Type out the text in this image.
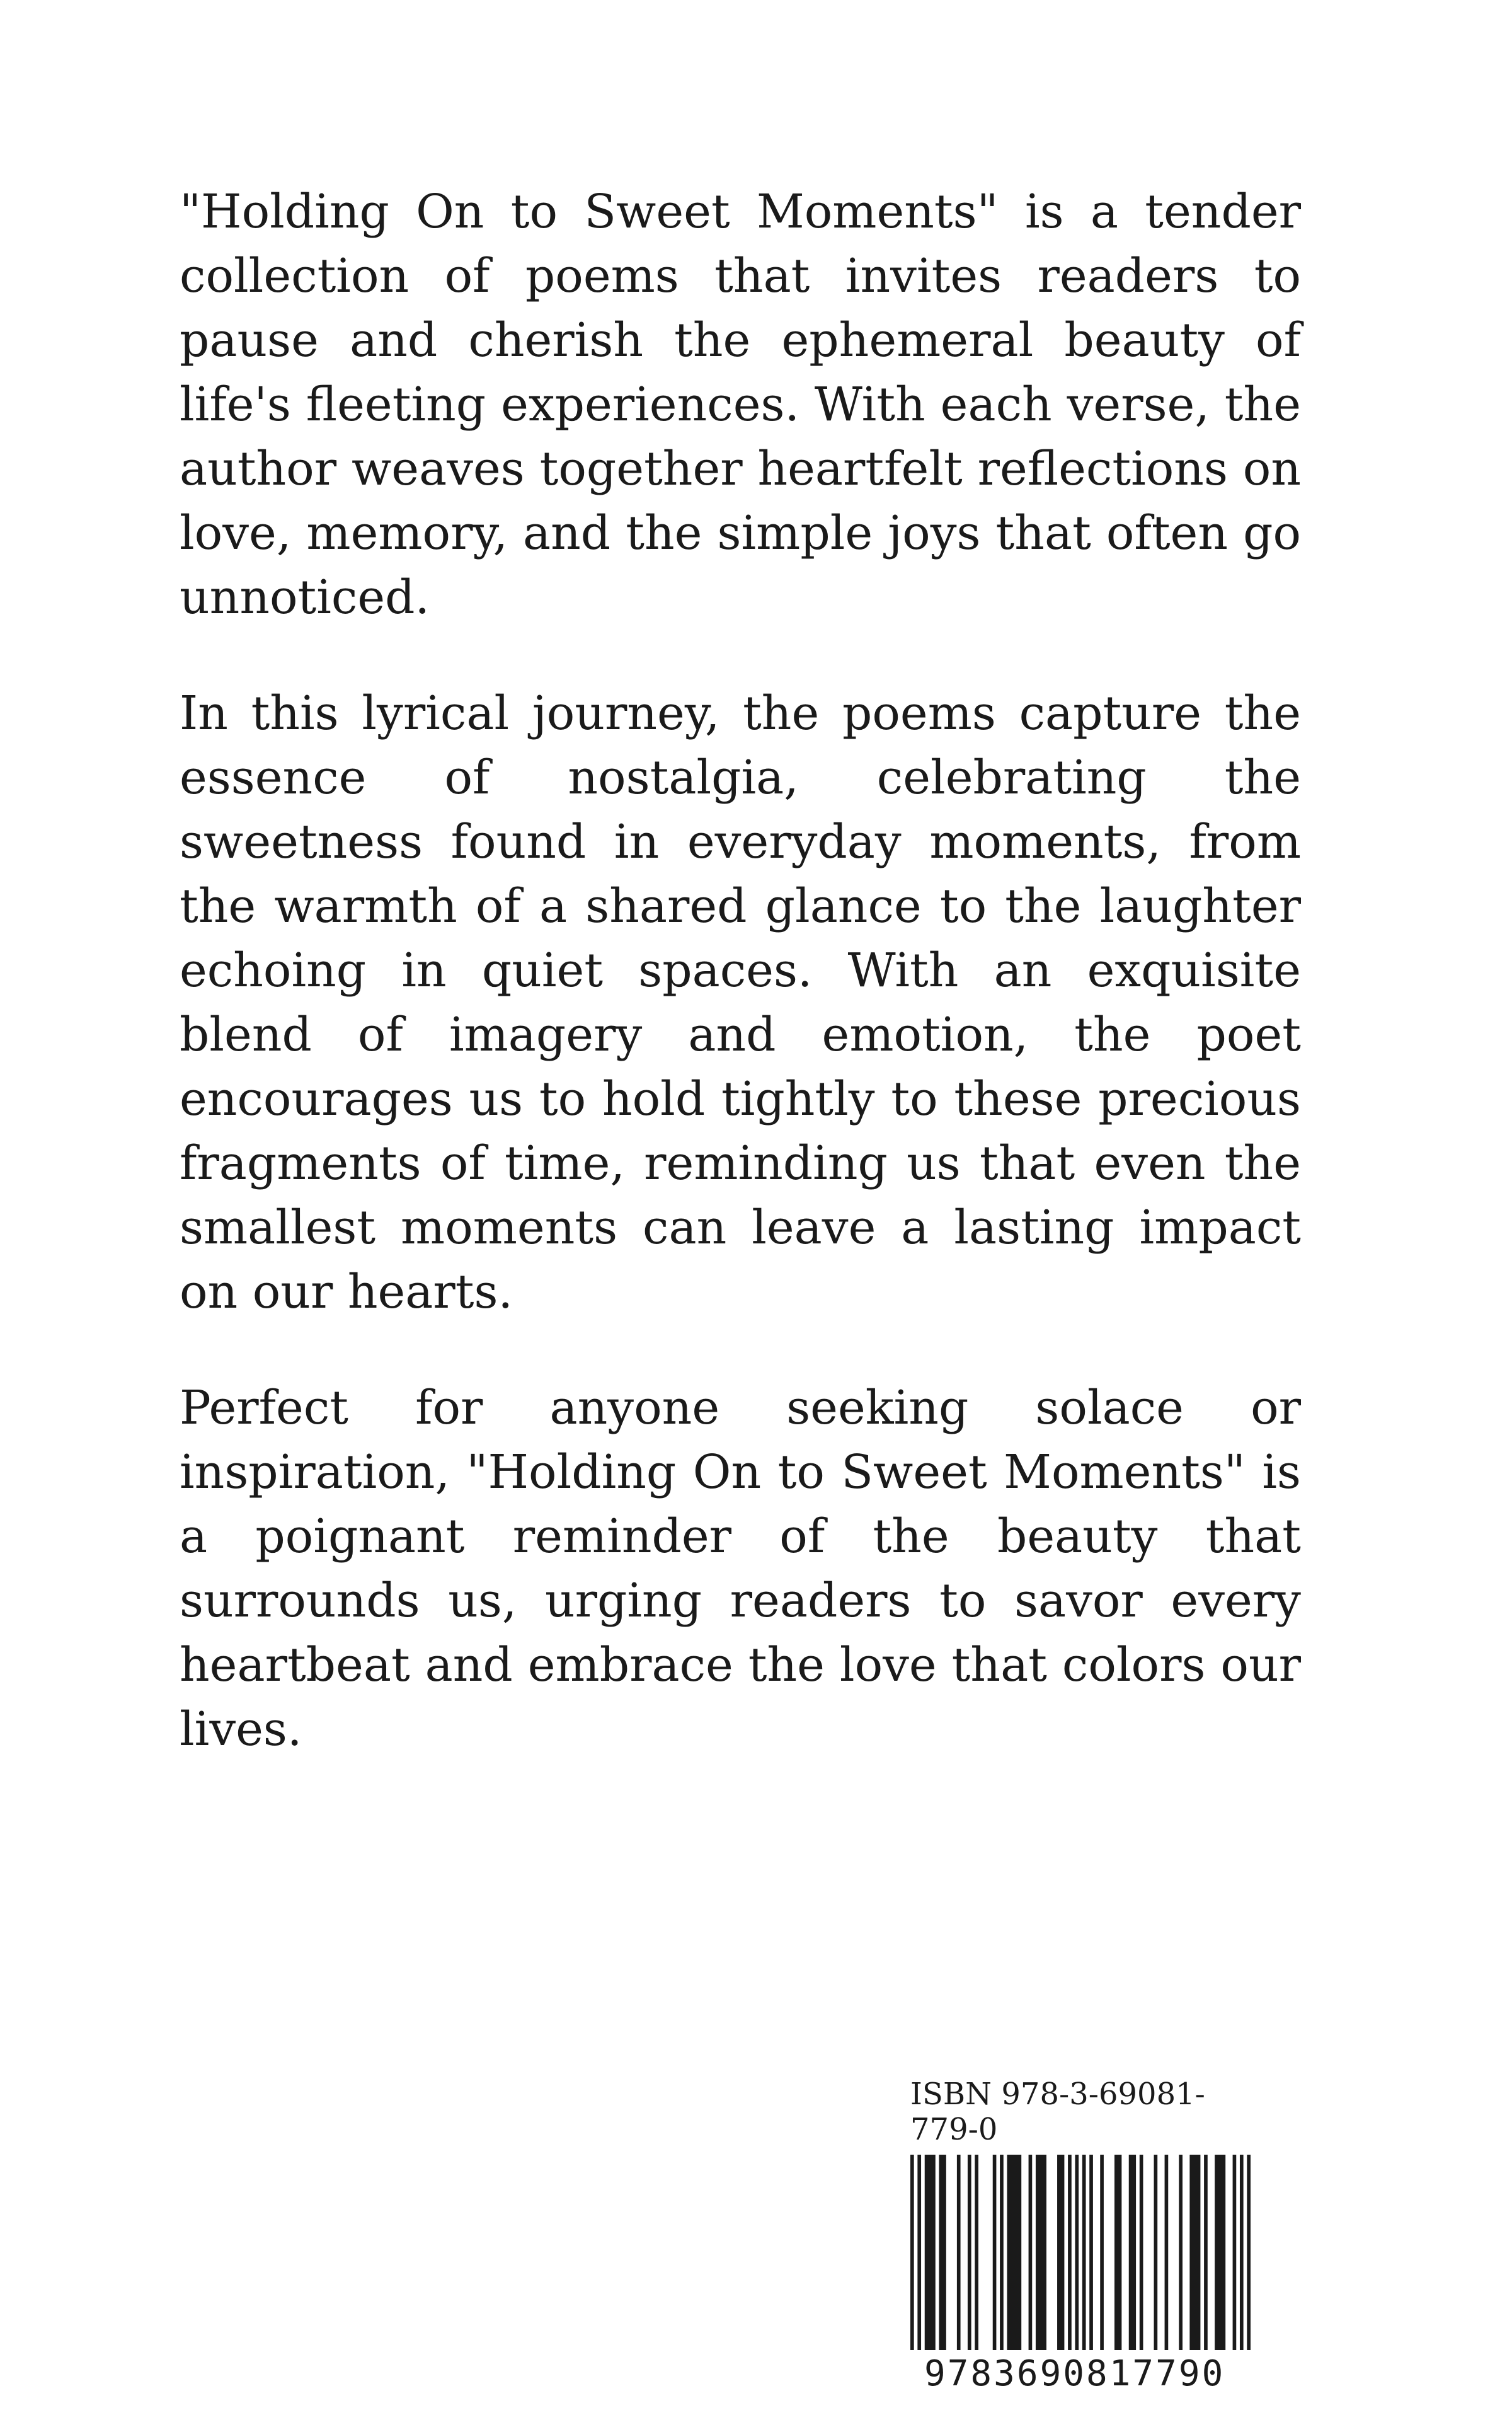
"Holding On to Sweet Moments" is a tender collection of poems that invites readers to pause and cherish the ephemeral beauty of life's fleeting experiences. With each verse, the author weaves together heartfelt reflections on love, memory, and the simple joys that often go unnoticed.

In this lyrical journey, the poems capture the essence of nostalgia, celebrating the sweetness found in everyday moments, from the warmth of a shared glance to the laughter echoing in quiet spaces. With an exquisite blend of imagery and emotion, the poet encourages us to hold tightly to these precious fragments of time, reminding us that even the smallest moments can leave a lasting impact on our hearts.

Perfect for anyone seeking solace or inspiration, "Holding On to Sweet Moments" is a poignant reminder of the beauty that surrounds us, urging readers to savor every heartbeat and embrace the love that colors our lives.

ISBN 978-3-69081-779-0
9783690817790
